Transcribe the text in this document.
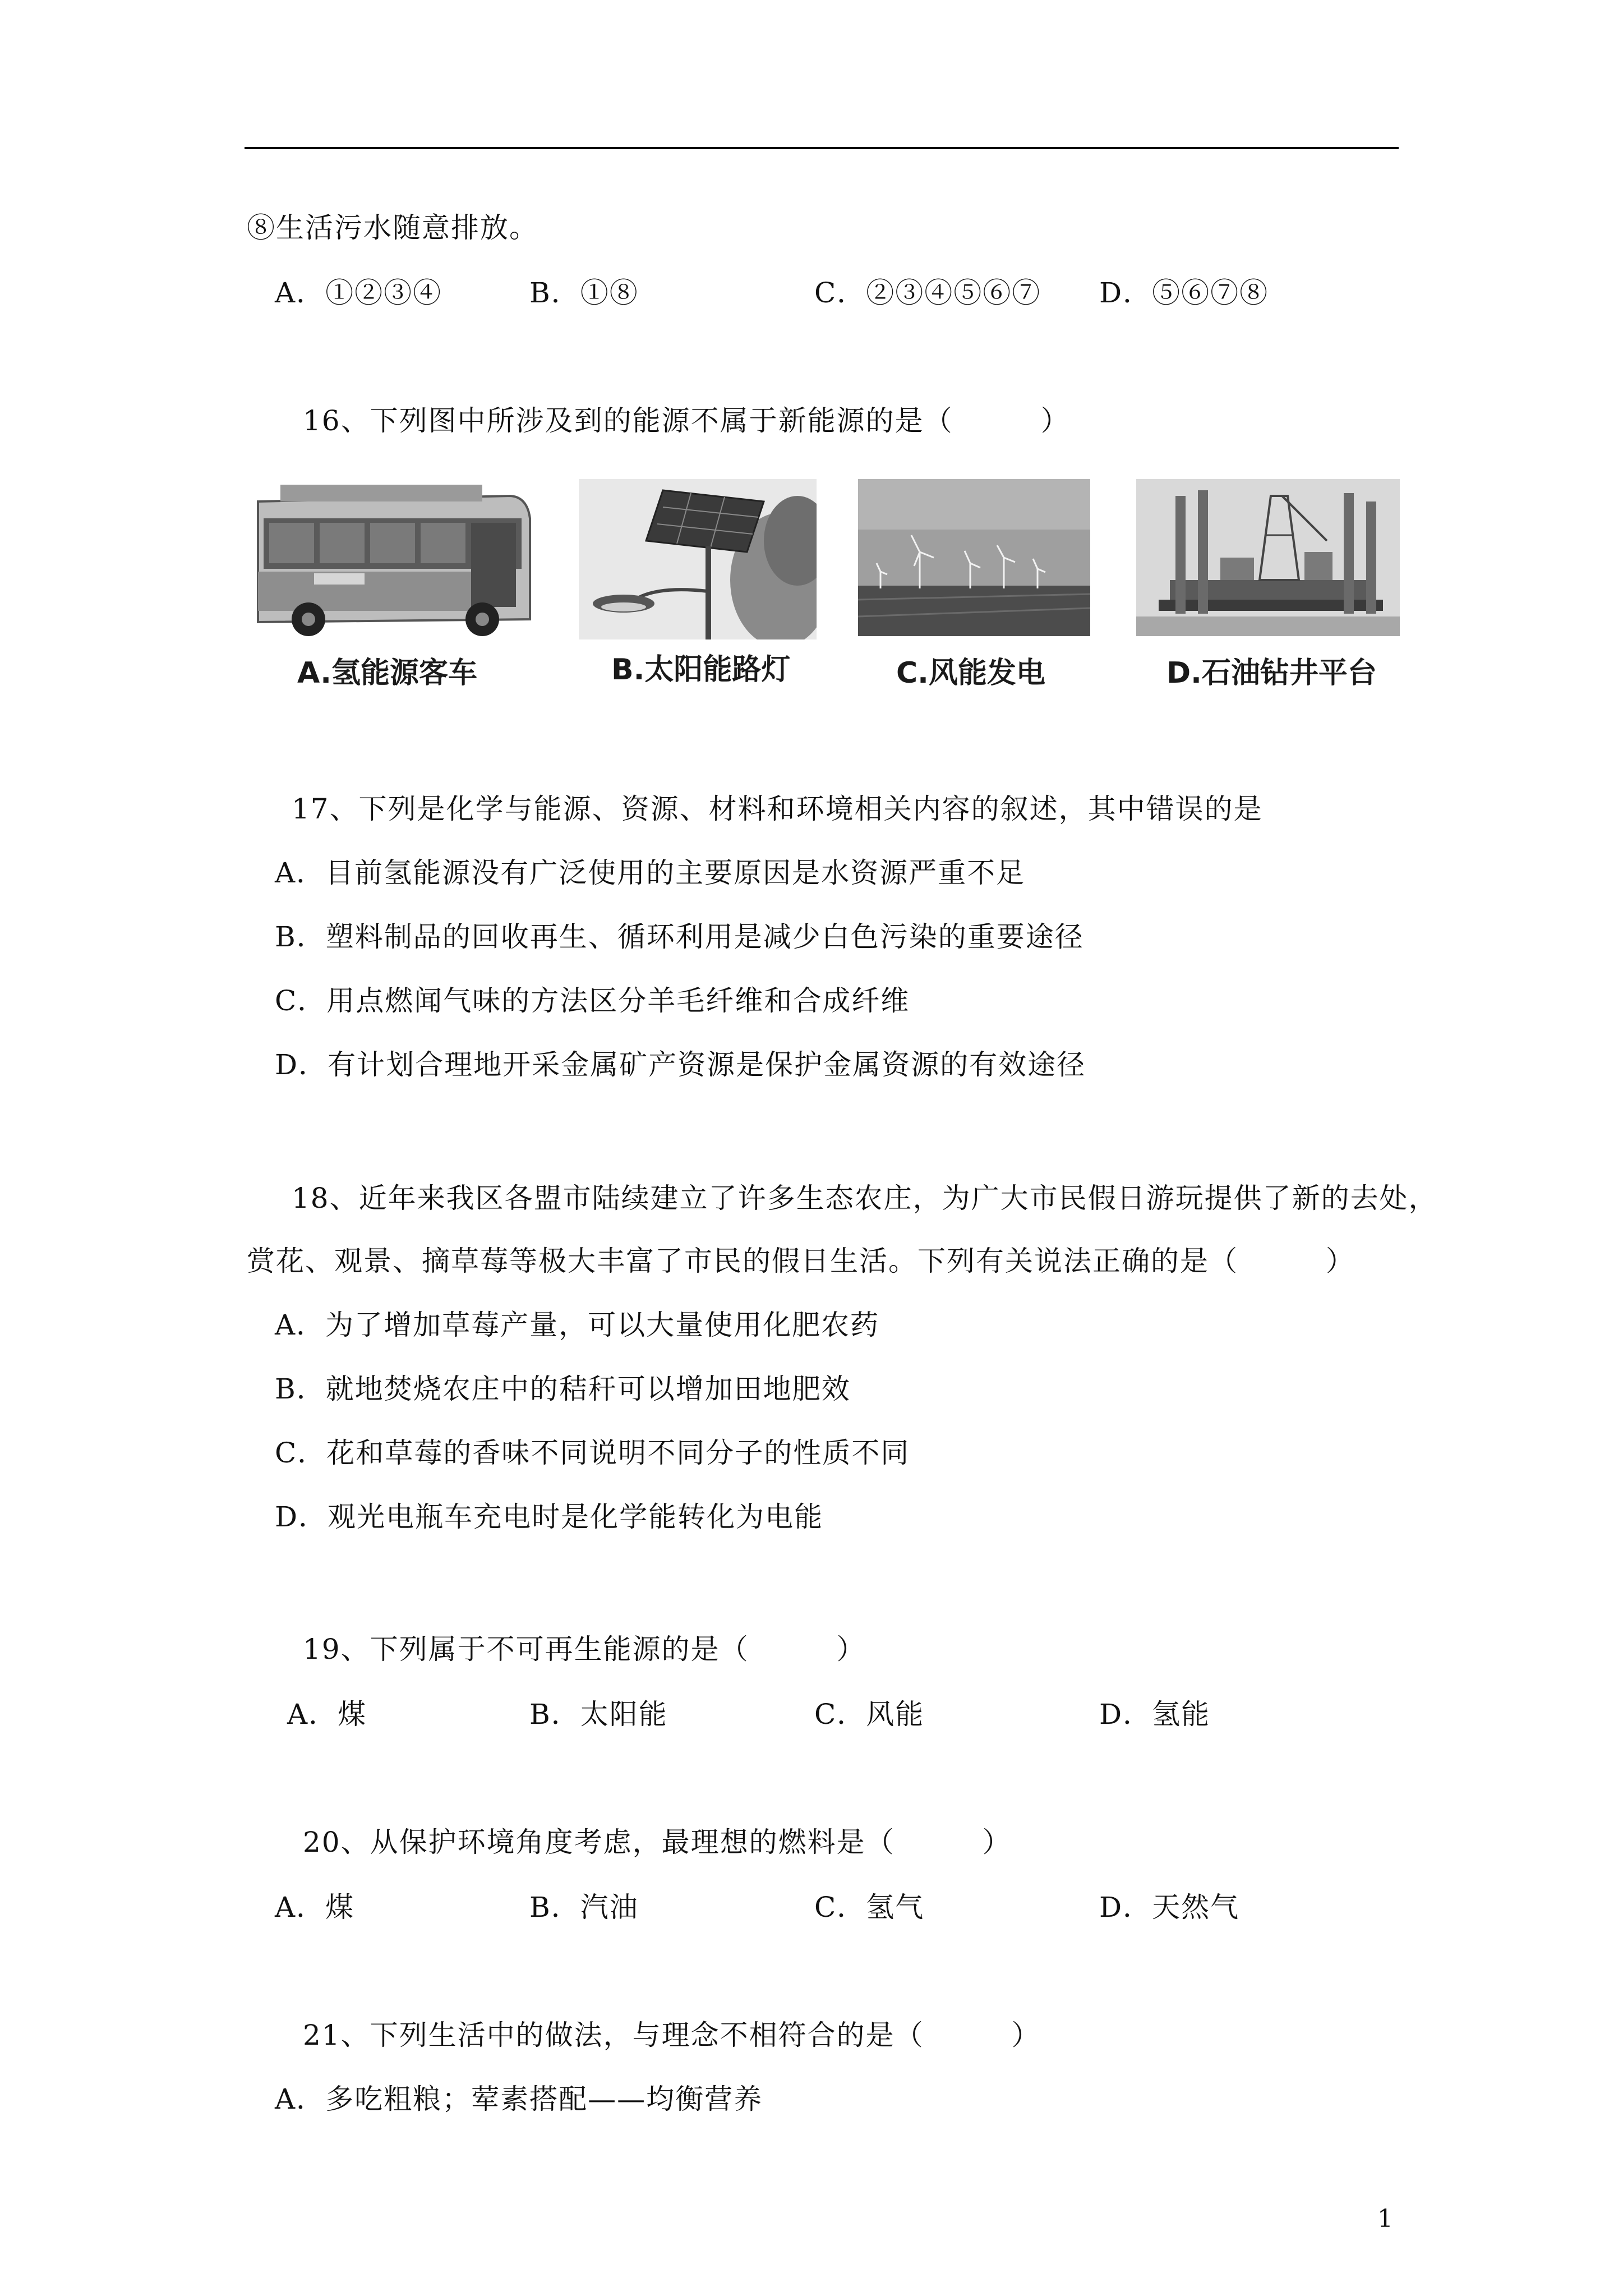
⑧生活污水随意排放。
A．①②③④	B．①⑧	C．②③④⑤⑥⑦ D．⑤⑥⑦⑧
16、下列图中所涉及到的能源不属于新能源的是（　　　）
A.氢能源客车	B.太阳能路灯	C.风能发电	D.石油钻井平台
17、下列是化学与能源、资源、材料和环境相关内容的叙述，其中错误的是
A．目前氢能源没有广泛使用的主要原因是水资源严重不足
B．塑料制品的回收再生、循环利用是减少白色污染的重要途径
C．用点燃闻气味的方法区分羊毛纤维和合成纤维
D．有计划合理地开采金属矿产资源是保护金属资源的有效途径
18、近年来我区各盟市陆续建立了许多生态农庄，为广大市民假日游玩提供了新的去处，
赏花、观景、摘草莓等极大丰富了市民的假日生活。下列有关说法正确的是（　　　）
A．为了增加草莓产量，可以大量使用化肥农药
B．就地焚烧农庄中的秸秆可以增加田地肥效
C．花和草莓的香味不同说明不同分子的性质不同
D．观光电瓶车充电时是化学能转化为电能
19、下列属于不可再生能源的是（　　　）
A．煤	B．太阳能	C．风能	D．氢能
20、从保护环境角度考虑，最理想的燃料是（　　　）
A．煤	B．汽油	C．氢气	D．天然气
21、下列生活中的做法，与理念不相符合的是（　　　）
A．多吃粗粮；荤素搭配——均衡营养
1
